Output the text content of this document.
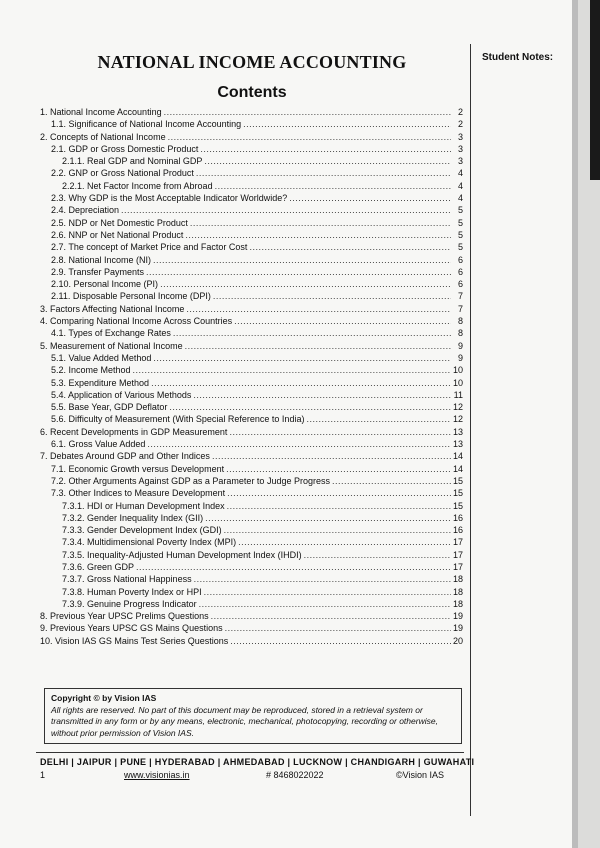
NATIONAL INCOME ACCOUNTING
Contents
1. National Income Accounting .....	2
1.1. Significance of National Income Accounting .....	2
2. Concepts of National Income .....	3
2.1. GDP or Gross Domestic Product .....	3
2.1.1. Real GDP and Nominal GDP .....	3
2.2. GNP or Gross National Product .....	4
2.2.1. Net Factor Income from Abroad .....	4
2.3. Why GDP is the Most Acceptable Indicator Worldwide? .....	4
2.4. Depreciation .....	5
2.5. NDP or Net Domestic Product .....	5
2.6. NNP or Net National Product .....	5
2.7. The concept of Market Price and Factor Cost .....	5
2.8. National Income (NI) .....	6
2.9. Transfer Payments .....	6
2.10. Personal Income (PI) .....	6
2.11. Disposable Personal Income (DPI) .....	7
3. Factors Affecting National Income .....	7
4. Comparing National Income Across Countries .....	8
4.1. Types of Exchange Rates .....	8
5. Measurement of National Income .....	9
5.1. Value Added Method .....	9
5.2. Income Method .....	10
5.3. Expenditure Method .....	10
5.4. Application of Various Methods .....	11
5.5. Base Year, GDP Deflator .....	12
5.6. Difficulty of Measurement (With Special Reference to India) .....	12
6. Recent Developments in GDP Measurement .....	13
6.1. Gross Value Added .....	13
7. Debates Around GDP and Other Indices .....	14
7.1. Economic Growth versus Development .....	14
7.2. Other Arguments Against GDP as a Parameter to Judge Progress .....	15
7.3. Other Indices to Measure Development .....	15
7.3.1. HDI or Human Development Index .....	15
7.3.2. Gender Inequality Index (GII) .....	16
7.3.3. Gender Development Index (GDI) .....	16
7.3.4. Multidimensional Poverty Index (MPI) .....	17
7.3.5. Inequality-Adjusted Human Development Index (IHDI) .....	17
7.3.6. Green GDP .....	17
7.3.7. Gross National Happiness .....	18
7.3.8. Human Poverty Index or HPI .....	18
7.3.9. Genuine Progress Indicator .....	18
8. Previous Year UPSC Prelims Questions .....	19
9. Previous Years UPSC GS Mains Questions .....	19
10. Vision IAS GS Mains Test Series Questions .....	20
Student Notes:
Copyright © by Vision IAS
All rights are reserved. No part of this document may be reproduced, stored in a retrieval system or transmitted in any form or by any means, electronic, mechanical, photocopying, recording or otherwise, without prior permission of Vision IAS.
DELHI | JAIPUR | PUNE | HYDERABAD | AHMEDABAD | LUCKNOW | CHANDIGARH | GUWAHATI
1	www.visionias.in	# 8468022022	©Vision IAS
